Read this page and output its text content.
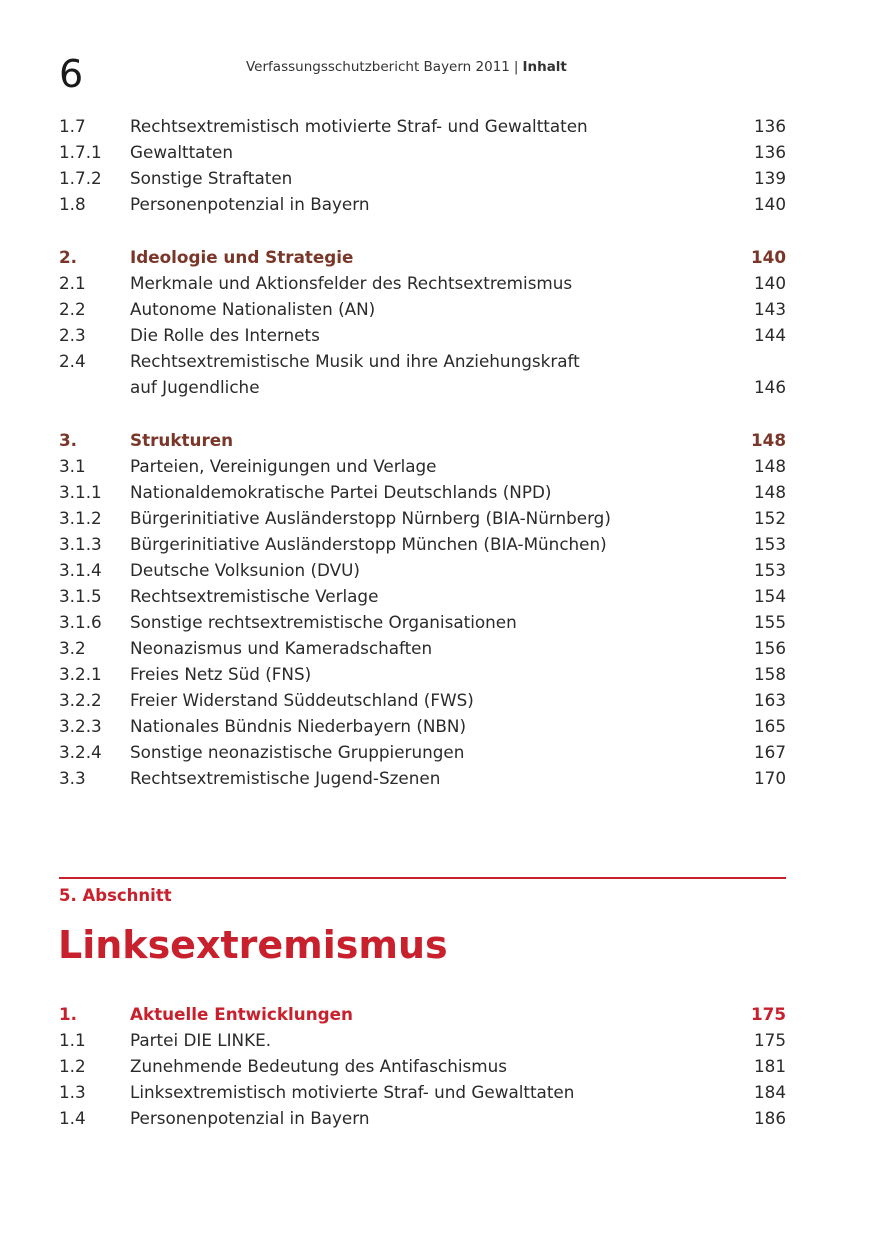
6	Verfassungsschutzbericht Bayern 2011 | Inhalt
1.7	Rechtsextremistisch motivierte Straf- und Gewalttaten	136
1.7.1 Gewalttaten	136
1.7.2 Sonstige Straftaten	139
1.8	Personenpotenzial in Bayern	140
2.	Ideologie und Strategie	140
2.1	Merkmale und Aktionsfelder des Rechtsextremismus	140
2.2	Autonome Nationalisten (AN)	143
2.3	Die Rolle des Internets	144
2.4	Rechtsextremistische Musik und ihre Anziehungskraft
auf Jugendliche	146
3.	Strukturen	148
3.1	Parteien, Vereinigungen und Verlage	148
3.1.1 Nationaldemokratische Partei Deutschlands (NPD)	148
3.1.2 Bürgerinitiative Ausländerstopp Nürnberg (BIA-Nürnberg)	152
3.1.3 Bürgerinitiative Ausländerstopp München (BIA-München)	153
3.1.4 Deutsche Volksunion (DVU)	153
3.1.5 Rechtsextremistische Verlage	154
3.1.6 Sonstige rechtsextremistische Organisationen	155
3.2	Neonazismus und Kameradschaften	156
3.2.1 Freies Netz Süd (FNS)	158
3.2.2 Freier Widerstand Süddeutschland (FWS)	163
3.2.3 Nationales Bündnis Niederbayern (NBN)	165
3.2.4 Sonstige neonazistische Gruppierungen	167
3.3	Rechtsextremistische Jugend-Szenen	170
5. Abschnitt
Linksextremismus
1.	Aktuelle Entwicklungen	175
1.1	Partei DIE LINKE.	175
1.2	Zunehmende Bedeutung des Antifaschismus	181
1.3	Linksextremistisch motivierte Straf- und Gewalttaten	184
1.4	Personenpotenzial in Bayern	186
